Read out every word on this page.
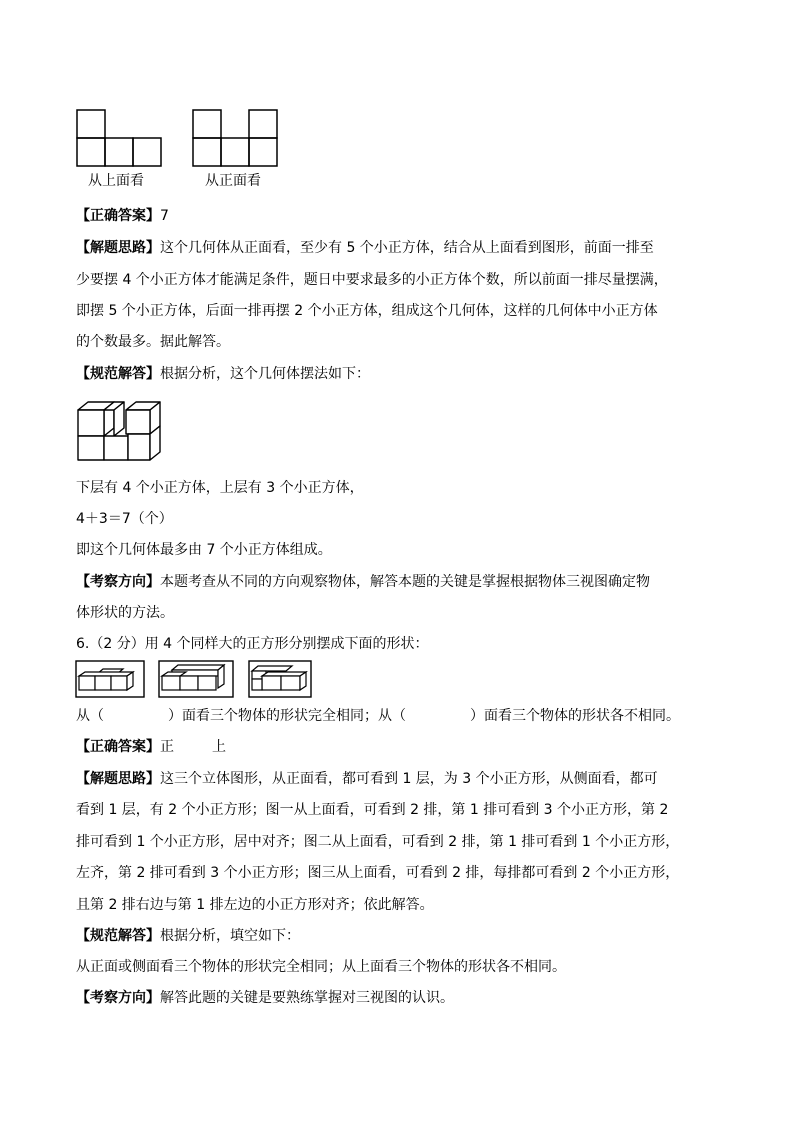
从上面看	从正面看
【正确答案】7
【解题思路】这个几何体从正面看，至少有 5 个小正方体，结合从上面看到图形，前面一排至
少要摆 4 个小正方体才能满足条件，题日中要求最多的小正方体个数，所以前面一排尽量摆满，
即摆 5 个小正方体，后面一排再摆 2 个小正方体，组成这个几何体，这样的几何体中小正方体
的个数最多。据此解答。
【规范解答】根据分析，这个几何体摆法如下：
下层有 4 个小正方体，上层有 3 个小正方体，
4＋3＝7（个）
即这个几何体最多由 7 个小正方体组成。
【考察方向】本题考查从不同的方向观察物体，解答本题的关键是掌握根据物体三视图确定物
体形状的方法。
6.（2 分）用 4 个同样大的正方形分别摆成下面的形状：
从（	）面看三个物体的形状完全相同；从（	）面看三个物体的形状各不相同。
【正确答案】正	上
【解题思路】这三个立体图形，从正面看，都可看到 1 层，为 3 个小正方形，从侧面看，都可
看到 1 层，有 2 个小正方形；图一从上面看，可看到 2 排，第 1 排可看到 3 个小正方形，第 2
排可看到 1 个小正方形，居中对齐；图二从上面看，可看到 2 排，第 1 排可看到 1 个小正方形，
左齐，第 2 排可看到 3 个小正方形；图三从上面看，可看到 2 排，每排都可看到 2 个小正方形，
且第 2 排右边与第 1 排左边的小正方形对齐；依此解答。
【规范解答】根据分析，填空如下：
从正面或侧面看三个物体的形状完全相同；从上面看三个物体的形状各不相同。
【考察方向】解答此题的关键是要熟练掌握对三视图的认识。
